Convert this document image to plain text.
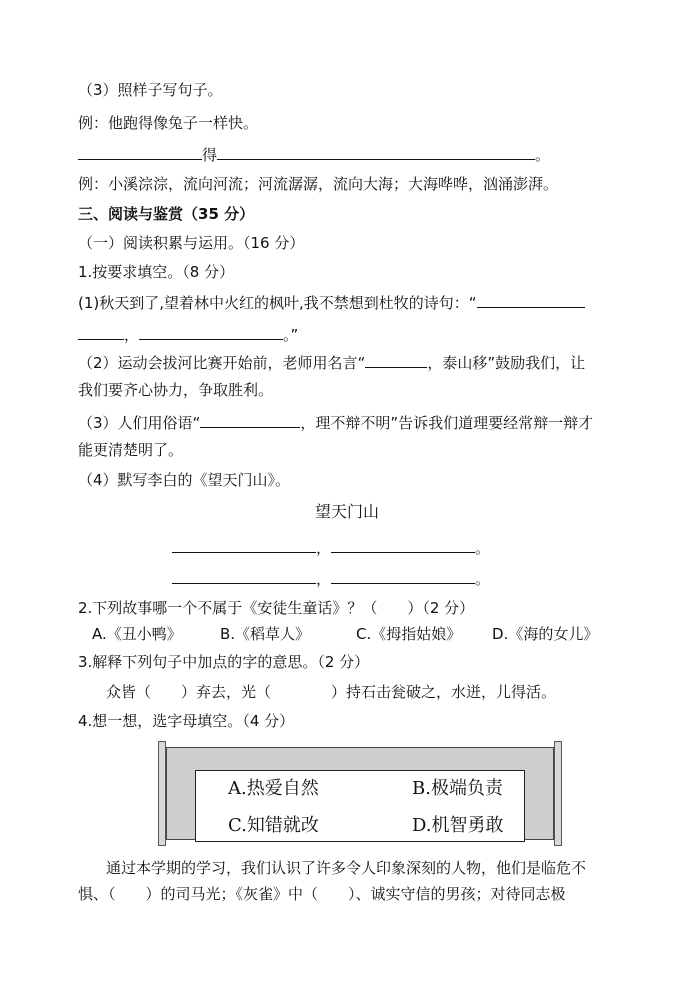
（3）照样子写句子。
例：他跑得像兔子一样快。
得	。
例：小溪淙淙，流向河流；河流潺潺，流向大海；大海哗哗，汹涌澎湃。
三、阅读与鉴赏（35 分）
（一）阅读积累与运用。（16 分）
1.按要求填空。（8 分）
(1)秋天到了,望着林中火红的枫叶,我不禁想到杜牧的诗句：“
，	。”
（2）运动会拔河比赛开始前，老师用名言“	，泰山移”鼓励我们，让
我们要齐心协力，争取胜利。
（3）人们用俗语“	，理不辩不明”告诉我们道理要经常辩一辩才
能更清楚明了。
（4）默写李白的《望天门山》。
望天门山
，	。
，	。
2.下列故事哪一个不属于《安徒生童话》？（　　）（2 分）
A.《丑小鸭》	B.《稻草人》	C.《拇指姑娘》 D.《海的女儿》
3.解释下列句子中加点的字的意思。（2 分）
众皆（　　）弃去，光（　　　　）持石击瓮破之，水迸，儿得活。
4.想一想，选字母填空。（4 分）
A.热爱自然	B.极端负责
C.知错就改	D.机智勇敢
通过本学期的学习，我们认识了许多令人印象深刻的人物，他们是临危不
惧、（　　）的司马光；《灰雀》中（　　）、诚实守信的男孩；对待同志极
